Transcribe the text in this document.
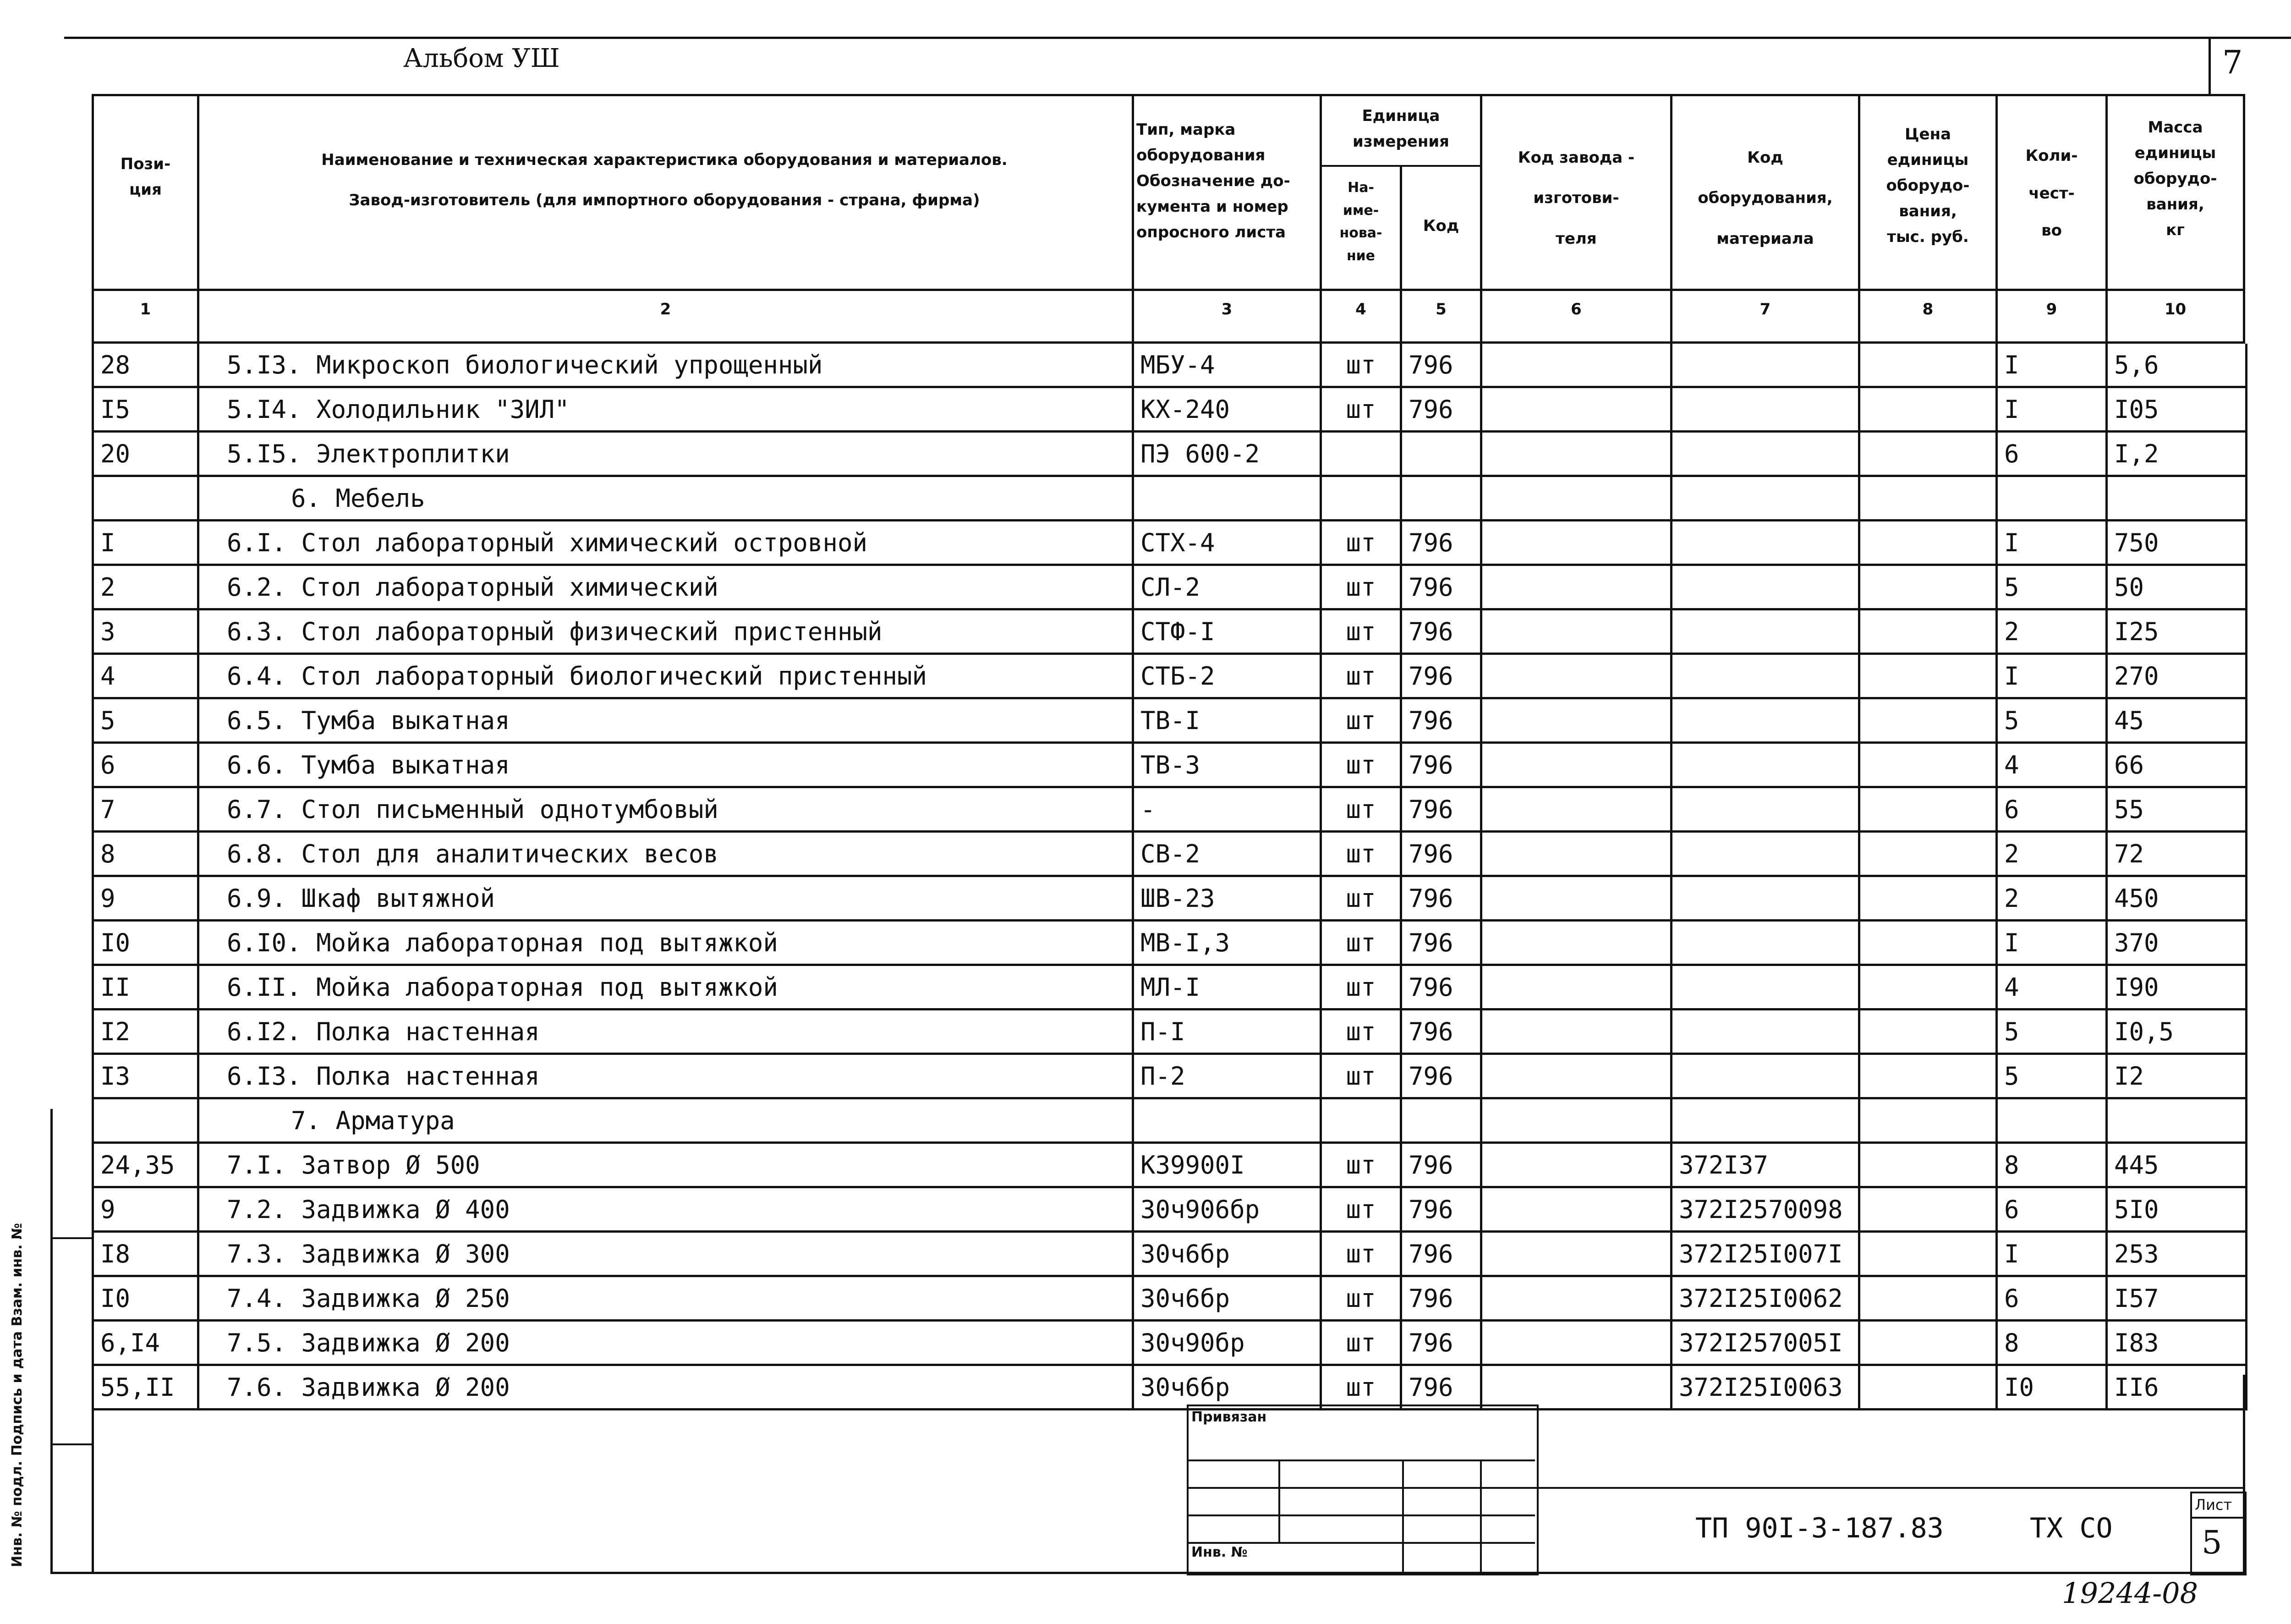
Альбом УШ	7
Пози-
ция
Наименование и техническая характеристика оборудования и материалов.
Завод-изготовитель (для импортного оборудования - страна, фирма)
Тип, марка
оборудования
Обозначение до-
кумента и номер
опросного листа
Единица
измерения
На-
име-
нова-
ние
Код
Код завода -
изготови-
теля
Код
оборудования,
материала
Цена
единицы
оборудо-
вания,
тыс. руб.
Коли-
чест-
во
Масса
единицы
оборудо-
вания,
кг
1	2	3	4	5	6	7	8	9	10
28	5.I3. Микроскоп биологический упрощенный	МБУ-4	шт	796				I	5,6
I5	5.I4. Холодильник "ЗИЛ"	КХ-240	шт	796				I	I05
20	5.I5. Электроплитки	ПЭ 600-2						6	I,2
	6. Мебель								
I	6.I. Стол лабораторный химический островной	СТХ-4	шт	796				I	750
2	6.2. Стол лабораторный химический	СЛ-2	шт	796				5	50
3	6.3. Стол лабораторный физический пристенный	СТФ-I	шт	796				2	I25
4	6.4. Стол лабораторный биологический пристенный	СТБ-2	шт	796				I	270
5	6.5. Тумба выкатная	ТВ-I	шт	796				5	45
6	6.6. Тумба выкатная	ТВ-3	шт	796				4	66
7	6.7. Стол письменный однотумбовый	-	шт	796				6	55
8	6.8. Стол для аналитических весов	СВ-2	шт	796				2	72
9	6.9. Шкаф вытяжной	ШВ-23	шт	796				2	450
I0	6.I0. Мойка лабораторная под вытяжкой	МВ-I,3	шт	796				I	370
II	6.II. Мойка лабораторная под вытяжкой	МЛ-I	шт	796				4	I90
I2	6.I2. Полка настенная	П-I	шт	796				5	I0,5
I3	6.I3. Полка настенная	П-2	шт	796				5	I2
	7. Арматура								
24,35	7.I. Затвор Ø 500	К39900I	шт	796		372I37		8	445
9	7.2. Задвижка Ø 400	30ч906бр	шт	796		372I2570098		6	5I0
I8	7.3. Задвижка Ø 300	30ч6бр	шт	796		372I25I007I		I	253
I0	7.4. Задвижка Ø 250	30ч6бр	шт	796		372I25I0062		6	I57
6,I4	7.5. Задвижка Ø 200	30ч90бр	шт	796		372I257005I		8	I83
55,II	7.6. Задвижка Ø 200	30ч6бр	шт	796		372I25I0063		I0	II6
Инв. № подл. Подпись и дата Взам. инв. №	Привязан
Инв. №
ТП 90I-3-187.83	ТХ СО
Лист
5
19244-08
